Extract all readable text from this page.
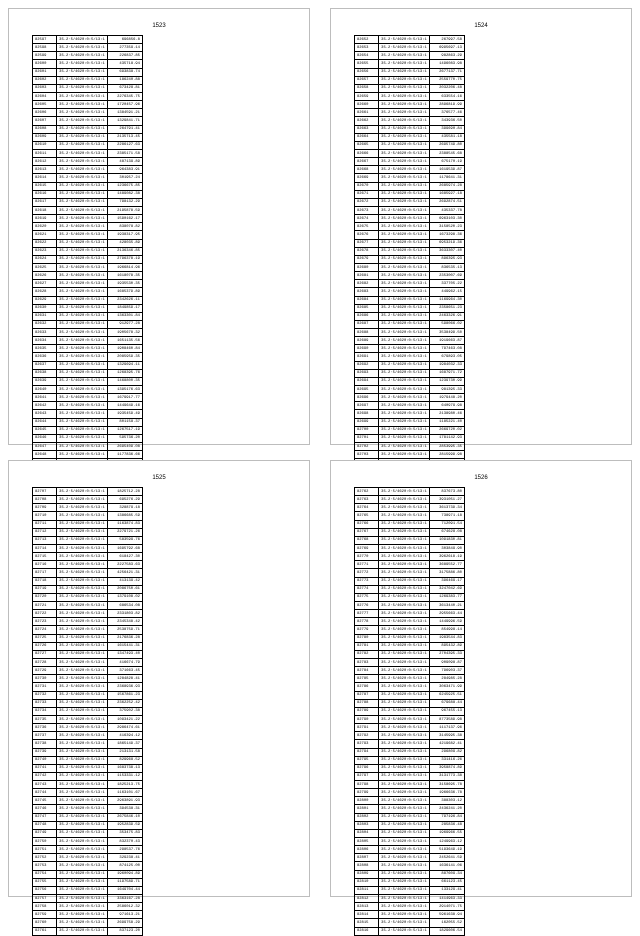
1523
82597	35.2·5/4620:0:5/13:1	696856.8
82598	35.2·5/4620:0:5/13:1	277359.14
82599	35.2·5/4620:0:5/13:1	226837.85
82600	35.2·5/4620:0:5/13:1	435718.94
82601	35.2·5/4620:0:5/13:1	693838.74
82602	35.2·5/4620:0:5/13:1	186240.88
82603	35.2·5/4620:0:5/13:1	673428.81
82604	35.2·5/4620:0:5/13:1	2276345.75
82605	35.2·5/4620:0:5/13:1	1720457.96
82606	35.2·5/4620:0:5/13:1	1384591.21
82607	35.2·5/4620:0:5/13:1	1329841.71
82608	35.2·5/4620:0:5/13:1	264791.41
82609	35.2·5/4620:0:5/13:1	2135713.45
82610	35.2·5/4620:0:5/13:1	2286127.63
82611	35.2·5/4620:0:5/13:1	2385171.58
82612	35.2·5/4620:0:5/13:1	487139.89
82613	35.2·5/4620:0:5/13:1	964383.91
82614	35.2·5/4620:0:5/13:1	301957.24
82615	35.2·5/4620:0:5/13:1	1236675.85
82616	35.2·5/4620:0:5/13:1	1489082.38
82617	35.2·5/4620:0:5/13:1	798132.29
82618	35.2·5/4620:0:5/13:1	2195878.59
82619	35.2·5/4620:0:5/13:1	1590162.17
82620	35.2·5/4620:0:5/13:1	838078.82
82621	35.2·5/4620:0:5/13:1	1938317.95
82622	35.2·5/4620:0:5/13:1	428035.89
82623	35.2·5/4620:0:5/13:1	2136346.85
82624	35.2·5/4620:0:5/13:1	2796378.19
82625	35.2·5/4620:0:5/13:1	1966814.96
82626	35.2·5/4620:0:5/13:1	1618078.35
82627	35.2·5/4620:0:5/13:1	1935530.35
82628	35.2·5/4620:0:5/13:1	1685379.89
82629	35.2·5/4620:0:5/13:1	2342626.11
82630	35.2·5/4620:0:5/13:1	1849859.17
82631	35.2·5/4620:0:5/13:1	1363301.84
82632	35.2·5/4620:0:5/13:1	912977.28
82633	35.2·5/4620:0:5/13:1	1905678.32
82634	35.2·5/4620:0:5/13:1	1651135.56
82635	35.2·5/4620:0:5/13:1	1908460.84
82636	35.2·5/4620:0:5/13:1	2085959.35
82637	35.2·5/4620:0:5/13:1	1329694.11
82638	35.2·5/4620:0:5/13:1	1268395.76
82639	35.2·5/4620:0:5/13:1	1468800.35
82640	35.2·5/4620:0:5/13:1	1395176.63
82641	35.2·5/4620:0:5/13:1	1679917.77
82642	35.2·5/4620:0:5/13:1	1449649.16
82643	35.2·5/4620:0:5/13:1	1935459.49
82644	35.2·5/4620:0:5/13:1	801158.37
82645	35.2·5/4620:0:5/13:1	1267517.19
82646	35.2·5/4620:0:5/13:1	595736.20
82647	35.2·5/4620:0:5/13:1	2695409.08
82648	35.2·5/4620:0:5/13:1	1177836.66

1524
82652	35.2·5/4620:0:5/13:1	267997.58
82653	35.2·5/4620:0:5/13:1	6995697.13
82654	35.2·5/4620:0:5/13:1	982863.29
82655	35.2·5/4620:0:5/13:1	1496083.98
82656	35.2·5/4620:0:5/13:1	2677137.71
82657	35.2·5/4620:0:5/13:1	2559770.75
82658	35.2·5/4620:0:5/13:1	2032206.48
82659	35.2·5/4620:0:5/13:1	633554.16
82660	35.2·5/4620:0:5/13:1	2896819.99
82661	35.2·5/4620:0:5/13:1	376577.46
82662	35.2·5/4620:0:5/13:1	343936.50
82663	35.2·5/4620:0:5/13:1	399690.84
82664	35.2·5/4620:0:5/13:1	435581.18
82665	35.2·5/4620:0:5/13:1	2695749.80
82666	35.2·5/4620:0:5/13:1	2388545.68
82667	35.2·5/4620:0:5/13:1	675170.19
82668	35.2·5/4620:0:5/13:1	1619539.87
82669	35.2·5/4620:0:5/13:1	1178641.31
82670	35.2·5/4620:0:5/13:1	2685974.28
82671	35.2·5/4620:0:5/13:1	1685927.18
82672	35.2·5/4620:0:5/13:1	2692874.51
82673	35.2·5/4620:0:5/13:1	435337.78
82674	35.2·5/4620:0:5/13:1	6963103.30
82675	35.2·5/4620:0:5/13:1	3158520.23
82676	35.2·5/4620:0:5/13:1	1673298.36
82677	35.2·5/4620:0:5/13:1	6953219.36
82678	35.2·5/4620:0:5/13:1	3633307.40
82679	35.2·5/4620:0:5/13:1	896395.93
82680	35.2·5/4620:0:5/13:1	836535.13
82681	35.2·5/4620:0:5/13:1	2353007.69
82682	35.2·5/4620:0:5/13:1	337705.22
82683	35.2·5/4620:0:5/13:1	449962.15
82684	35.2·5/4620:0:5/13:1	1169964.30
82685	35.2·5/4620:0:5/13:1	2358651.23
82686	35.2·5/4620:0:5/13:1	2463326.91
82687	35.2·5/4620:0:5/13:1	598066.02
82688	35.2·5/4620:0:5/13:1	3538499.50
82689	35.2·5/4620:0:5/13:1	1919663.87
82690	35.2·5/4620:0:5/13:1	797463.08
82691	35.2·5/4620:0:5/13:1	679893.05
82692	35.2·5/4620:0:5/13:1	1984032.33
82693	35.2·5/4620:0:5/13:1	1687971.72
82694	35.2·5/4620:0:5/13:1	1239730.99
82695	35.2·5/4620:0:5/13:1	981395.33
82696	35.2·5/4620:0:5/13:1	1979448.20
82697	35.2·5/4620:0:5/13:1	640979.98
82698	35.2·5/4620:0:5/13:1	2138980.46
82699	35.2·5/4620:0:5/13:1	1185221.40
82700	35.2·5/4620:0:5/13:1	2669720.02
82701	35.2·5/4620:0:5/13:1	1781142.93
82702	35.2·5/4620:0:5/13:1	2853995.35
82703	35.2·5/4620:0:5/13:1	2815999.98

1525
82707	35.2·5/4620:0:5/13:1	1825712.28
82708	35.2·5/4620:0:5/13:1	695276.29
82709	35.2·5/4620:0:5/13:1	328879.18
82710	35.2·5/4620:0:5/13:1	1386685.59
82711	35.2·5/4620:0:5/13:1	1163874.83
82712	35.2·5/4620:0:5/13:1	2279721.26
82713	35.2·5/4620:0:5/13:1	583599.76
82714	35.2·5/4620:0:5/13:1	1695792.68
82715	35.2·5/4620:0:5/13:1	618427.30
82716	35.2·5/4620:0:5/13:1	2227583.63
82717	35.2·5/4620:0:5/13:1	4256421.31
82718	35.2·5/4620:0:5/13:1	413139.42
82719	35.2·5/4620:0:5/13:1	2086750.61
82720	35.2·5/4620:0:5/13:1	1379108.02
82721	35.2·5/4620:0:5/13:1	686534.08
82722	35.2·5/4620:0:5/13:1	2331803.82
82723	35.2·5/4620:0:5/13:1	2345348.42
82724	35.2·5/4620:0:5/13:1	2538759.71
82725	35.2·5/4620:0:5/13:1	2176836.28
82726	35.2·5/4620:0:5/13:1	1615441.31
82727	35.2·5/4620:0:5/13:1	1347493.40
82728	35.2·5/4620:0:5/13:1	416674.79
82729	35.2·5/4620:0:5/13:1	371663.45
82730	35.2·5/4620:0:5/13:1	1284828.41
82731	35.2·5/4620:0:5/13:1	2368936.93
82732	35.2·5/4620:0:5/13:1	1567861.23
82733	35.2·5/4620:0:5/13:1	2362252.42
82734	35.2·5/4620:0:5/13:1	375902.38
82735	35.2·5/4620:0:5/13:1	1093421.22
82736	35.2·5/4620:0:5/13:1	2986474.61
82737	35.2·5/4620:0:5/13:1	416394.12
82738	35.2·5/4620:0:5/13:1	1865149.37
82739	35.2·5/4620:0:5/13:1	213131.58
82740	35.2·5/4620:0:5/13:1	829968.52
82741	35.2·5/4620:0:5/13:1	1683738.13
82742	35.2·5/4620:0:5/13:1	1153331.12
82743	35.2·5/4620:0:5/13:1	1825213.75
82744	35.2·5/4620:0:5/13:1	1163101.67
82745	35.2·5/4620:0:5/13:1	2963891.93
82746	35.2·5/4620:0:5/13:1	394538.31
82747	35.2·5/4620:0:5/13:1	2675846.10
82748	35.2·5/4620:0:5/13:1	1952839.59
82749	35.2·5/4620:0:5/13:1	353475.83
82750	35.2·5/4620:0:5/13:1	832370.43
82751	35.2·5/4620:0:5/13:1	298537.76
82752	35.2·5/4620:0:5/13:1	329238.41
82753	35.2·5/4620:0:5/13:1	874125.00
82754	35.2·5/4620:0:5/13:1	1960094.89
82755	35.2·5/4620:0:5/13:1	1197589.71
82756	35.2·5/4620:0:5/13:1	1649704.44
82757	35.2·5/4620:0:5/13:1	3363167.28
82758	35.2·5/4620:0:5/13:1	2586012.32
82759	35.2·5/4620:0:5/13:1	971613.21
82760	35.2·5/4620:0:5/13:1	2699758.29
82761	35.2·5/4620:0:5/13:1	837123.20
1526
82762	35.2·5/4620:0:5/13:1	837673.80
82763	35.2·5/4620:0:5/13:1	3931051.27
82764	35.2·5/4620:0:5/13:1	3613739.34
82765	35.2·5/4620:0:5/13:1	738971.18
82766	35.2·5/4620:0:5/13:1	712091.54
82767	35.2·5/4620:0:5/13:1	674628.08
82768	35.2·5/4620:0:5/13:1	1091830.81
82769	35.2·5/4620:0:5/13:1	303849.90
82770	35.2·5/4620:0:5/13:1	3962618.19
82771	35.2·5/4620:0:5/13:1	3689552.77
82772	35.2·5/4620:0:5/13:1	3175886.80
82773	35.2·5/4620:0:5/13:1	396469.17
82774	35.2·5/4620:0:5/13:1	3247042.69
82775	35.2·5/4620:0:5/13:1	1269383.77
82776	35.2·5/4620:0:5/13:1	3613440.21
82777	35.2·5/4620:0:5/13:1	2955663.44
82778	35.2·5/4620:0:5/13:1	1449996.59
82779	35.2·5/4620:0:5/13:1	854998.14
82780	35.2·5/4620:0:5/13:1	1983544.83
82781	35.2·5/4620:0:5/13:1	895432.89
82782	35.2·5/4620:0:5/13:1	2704395.33
82783	35.2·5/4620:0:5/13:1	909098.87
82784	35.2·5/4620:0:5/13:1	796903.37
82785	35.2·5/4620:0:5/13:1	284985.28
82786	35.2·5/4620:0:5/13:1	3063471.99
82787	35.2·5/4620:0:5/13:1	6245925.51
82788	35.2·5/4620:0:5/13:1	679688.44
82789	35.2·5/4620:0:5/13:1	967455.13
82790	35.2·5/4620:0:5/13:1	8773589.98
82791	35.2·5/4620:0:5/13:1	1117137.96
82792	35.2·5/4620:0:5/13:1	3145995.38
82793	35.2·5/4620:0:5/13:1	4219682.41
82794	35.2·5/4620:0:5/13:1	296809.82
82795	35.2·5/4620:0:5/13:1	331416.26
82796	35.2·5/4620:0:5/13:1	3958874.89
82797	35.2·5/4620:0:5/13:1	3131773.38
82798	35.2·5/4620:0:5/13:1	3158695.78
82799	35.2·5/4620:0:5/13:1	1966636.78
82800	35.2·5/4620:0:5/13:1	388303.12
82801	35.2·5/4620:0:5/13:1	2436241.20
82802	35.2·5/4620:0:5/13:1	797196.84
82803	35.2·5/4620:0:5/13:1	285836.48
82804	35.2·5/4620:0:5/13:1	1969966.55
82805	35.2·5/4620:0:5/13:1	1249963.12
82806	35.2·5/4620:0:5/13:1	5193649.19
82807	35.2·5/4620:0:5/13:1	2452641.59
82808	35.2·5/4620:0:5/13:1	1636141.06
82809	35.2·5/4620:0:5/13:1	887609.34
82810	35.2·5/4620:0:5/13:1	661123.45
82811	35.2·5/4620:0:5/13:1	133129.41
82812	35.2·5/4620:0:5/13:1	1414963.33
82813	35.2·5/4620:0:5/13:1	2914071.75
82814	35.2·5/4620:0:5/13:1	5961638.94
82815	35.2·5/4620:0:5/13:1	162055.52
82816	35.2·5/4620:0:5/13:1	1829606.54
